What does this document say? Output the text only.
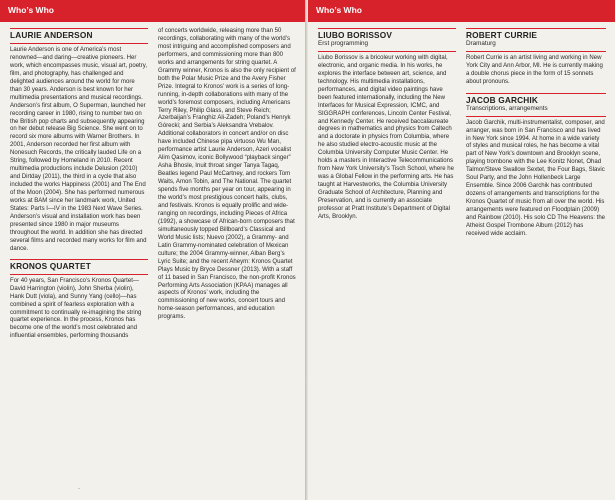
Who’s Who

LAURIE ANDERSON

Laurie Anderson is one of America’s most renowned—and daring—creative pioneers. Her work, which encompasses music, visual art, poetry, film, and photography, has challenged and delighted audiences around the world for more than 30 years. Anderson is best known for her multimedia presentations and musical recordings. Anderson’s first album, O Superman, launched her recording career in 1980, rising to number two on the British pop charts and subsequently appearing on her debut release Big Science. She went on to record six more albums with Warner Brothers. In 2001, Anderson recorded her first album with Nonesuch Records, the critically lauded Life on a String, followed by Homeland in 2010. Recent multimedia productions include Delusion (2010) and Dirtday (2011), the third in a cycle that also included the works Happiness (2001) and The End of the Moon (2004). She has performed numerous works at BAM since her landmark work, United States: Parts I—IV in the 1983 Next Wave Series. Anderson’s visual and installation work has been presented since 1980 in major museums throughout the world. In addition she has directed several films and recorded many works for film and dance.

KRONOS QUARTET

For 40 years, San Francisco’s Kronos Quartet—David Harrington (violin), John Sherba (violin), Hank Dutt (viola), and Sunny Yang (cello)—has combined a spirit of fearless exploration with a commitment to continually re-imagining the string quartet experience. In the process, Kronos has become one of the world’s most celebrated and influential ensembles, performing thousands

of concerts worldwide, releasing more than 50 recordings, collaborating with many of the world’s most intriguing and accomplished composers and performers, and commissioning more than 800 works and arrangements for string quartet. A Grammy winner, Kronos is also the only recipient of both the Polar Music Prize and the Avery Fisher Prize. Integral to Kronos’ work is a series of long-running, in-depth collaborations with many of the world’s foremost composers, including Americans Terry Riley, Philip Glass, and Steve Reich; Azerbaijan’s Franghiz Ali-Zadeh; Poland’s Henryk Górecki; and Serbia’s Aleksandra Vrebalov. Additional collaborators in concert and/or on disc have included Chinese pipa virtuoso Wu Man, performance artist Laurie Anderson, Azeri vocalist Alim Qasimov, iconic Bollywood “playback singer” Asha Bhosle, Inuit throat singer Tanya Tagaq, Beatles legend Paul McCartney, and rockers Tom Waits, Amon Tobin, and The National. The quartet spends five months per year on tour, appearing in the world’s most prestigious concert halls, clubs, and festivals. Kronos is equally prolific and wide-ranging on recordings, including Pieces of Africa (1992), a showcase of African-born composers that simultaneously topped Billboard’s Classical and World Music lists; Nuevo (2002), a Grammy- and Latin Grammy-nominated celebration of Mexican culture; the 2004 Grammy-winner, Alban Berg’s Lyric Suite; and the recent Aheym: Kronos Quartet Plays Music by Bryce Dessner (2013). With a staff of 11 based in San Francisco, the non-profit Kronos Performing Arts Association (KPAA) manages all aspects of Kronos’ work, including the commissioning of new works, concert tours and home-season performances, and education programs.

⁃
Who’s Who

LIUBO BORISSOV

Erst programming

Liubo Borissov is a bricoleur working with digital, electronic, and organic media. In his works, he explores the interface between art, science, and technology. His multimedia installations, performances, and digital video paintings have been featured internationally, including the New Interfaces for Musical Expression, ICMC, and SIGGRAPH conferences, Lincoln Center Festival, and Kennedy Center. He received baccalaureate degrees in mathematics and physics from Caltech and a doctorate in physics from Columbia, where he also studied electro-acoustic music at the Columbia University Computer Music Center. He holds a masters in Interactive Telecommunications from New York University’s Tisch School, where he was a Global Fellow in the performing arts. He has taught at Harvestworks, the Columbia University Graduate School of Architecture, Planning and Preservation, and is currently an associate professor at Pratt Institute’s Department of Digital Arts, Brooklyn.

ROBERT CURRIE

Dramaturg

Robert Currie is an artist living and working in New York City and Ann Arbor, MI. He is currently making a double chorus piece in the form of 15 sonnets about pronouns.

JACOB GARCHIK

Transcriptions, arrangements

Jacob Garchik, multi-instrumentalist, composer, and arranger, was born in San Francisco and has lived in New York since 1994. At home in a wide variety of styles and musical roles, he has become a vital part of New York’s downtown and Brooklyn scene, playing trombone with the Lee Konitz Nonet, Ohad Talmor/Steve Swallow Sextet, the Four Bags, Slavic Soul Party, and the John Hollenbeck Large Ensemble. Since 2006 Garchik has contributed dozens of arrangements and transcriptions for the Kronos Quartet of music from all over the world. His arrangements were featured on Floodplain (2009) and Rainbow (2010). His solo CD The Heavens: the Atheist Gospel Trombone Album (2012) has received wide acclaim.
